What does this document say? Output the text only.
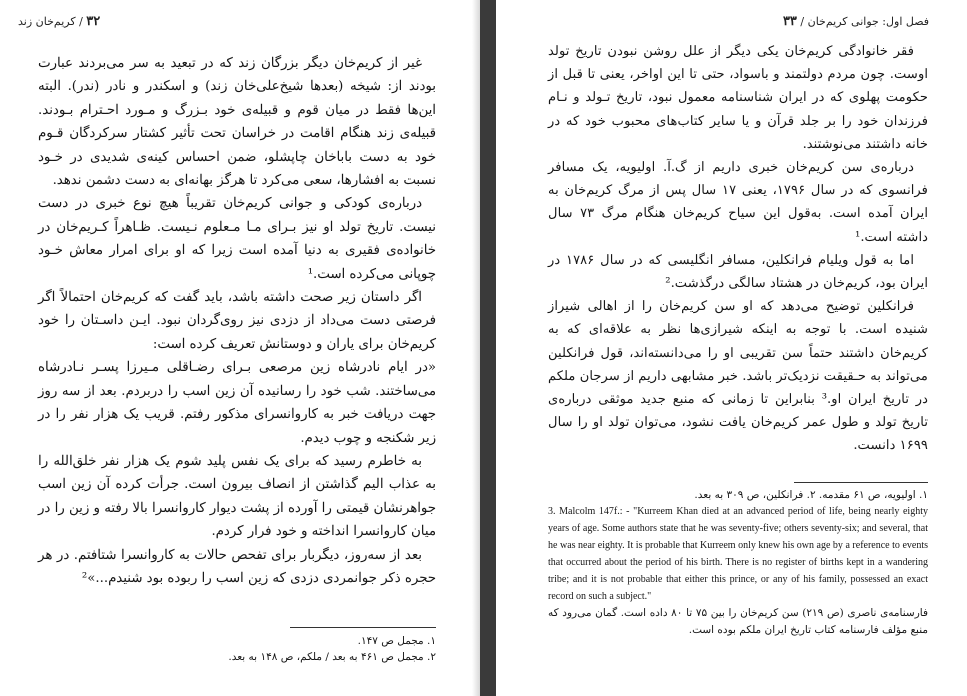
۳۲ / کریم‌خان زند

غیر از کریم‌خان دیگر بزرگان زند که در تبعید به سر می‌بردند عبارت بودند از: شیخه (بعدها شیخ‌علی‌خان زند) و اسکندر و نادر (ندر). البته این‌ها فقط در میان قوم و قبیله‌ی خود بـزرگ و مـورد احـترام بـودند. قبیله‌ی زند هنگام اقامت در خراسان تحت تأثیر کشتار سرکردگان قـوم خود به دست باباخان چاپشلو، ضمن احساس کینه‌ی شدیدی در خـود نسبت به افشارها، سعی می‌کرد تا هرگز بهانه‌ای به دست دشمن ندهد.

درباره‌ی کودکی و جوانی کریم‌خان تقریباً هیچ نوع خبری در دست نیست. تاریخ تولد او نیز بـرای مـا مـعلوم نـیست. ظـاهراً کـریم‌خان در خانواده‌ی فقیری به دنیا آمده است زیرا که او برای امرار معاش خـود چوپانی می‌کرده است.¹

اگر داستان زیر صحت داشته باشد، باید گفت که کریم‌خان احتمالاً اگر فرصتی دست می‌داد از دزدی نیز روی‌گردان نبود. ایـن داسـتان را خود کریم‌خان برای یاران و دوستانش تعریف کرده است:

«در ایام نادرشاه زین مرصعی بـرای رضـاقلی مـیرزا پسـر نـادرشاه می‌ساختند. شب خود را رسانیده آن زین اسب را دربردم. بعد از سه روز جهت دریافت خبر به کاروانسرای مذکور رفتم. قریب یک هزار نفر را در زیر شکنجه و چوب دیدم.

به خاطرم رسید که برای یک نفس پلید شوم یک هزار نفر خلق‌الله را به عذاب الیم گذاشتن از انصاف بیرون است. جرأت کرده آن زین اسب جواهرنشان قیمتی را آورده از پشت دیوار کاروانسرا بالا رفته و زین را در میان کاروانسرا انداخته و خود فرار کردم.

بعد از سه‌روز، دیگربار برای تفحص حالات به کاروانسرا شتافتم. در هر حجره ذکر جوانمردی دزدی که زین اسب را ربوده بود شنیدم...»²

۱. مجمل ص ۱۴۷.

۲. مجمل ص ۴۶۱ به بعد / ملکم، ص ۱۴۸ به بعد.

فصل اول: جوانی کریم‌خان / ۳۳

فقر خانوادگی کریم‌خان یکی دیگر از علل روشن نبودن تاریخ تولد اوست. چون مردم دولتمند و باسواد، حتی تا این اواخر، یعنی تا قبل از حکومت پهلوی که در ایران شناسنامه معمول نبود، تاریخ تـولد و نـام فرزندان خود را بر جلد قرآن و یا سایر کتاب‌های محبوب خود که در خانه داشتند می‌نوشتند.

درباره‌ی سن کریم‌خان خبری داریم از گ.آ. اولیویه، یک مسافر فرانسوی که در سال ۱۷۹۶، یعنی ۱۷ سال پس از مرگ کریم‌خان به ایران آمده است. به‌قول این سیاح کریم‌خان هنگام مرگ ۷۳ سال داشته است.¹

اما به قول ویلیام فرانکلین، مسافر انگلیسی که در سال ۱۷۸۶ در ایران بود، کریم‌خان در هشتاد سالگی درگذشت.²

فرانکلین توضیح می‌دهد که او سن کریم‌خان را از اهالی شیراز شنیده است. با توجه به اینکه شیرازی‌ها نظر به علاقه‌ای که به کریم‌خان داشتند حتماً سن تقریبی او را می‌دانسته‌اند، قول فرانکلین می‌تواند به حـقیقت نزدیک‌تر باشد. خبر مشابهی داریم از سرجان ملکم در تاریخ ایران او.³ بنابراین تا زمانی که منبع جدید موثقی درباره‌ی تاریخ تولد و طول عمر کریم‌خان یافت نشود، می‌توان تولد او را سال ۱۶۹۹ دانست.

۱. اولیویه، ص ۶۱ مقدمه. ۲. فرانکلین، ص ۳۰۹ به بعد.

3. Malcolm 147f.: - "Kurreem Khan died at an advanced period of life, being nearly eighty years of age. Some authors state that he was seventy-five; others seventy-six; and several, that he was near eighty. It is probable that Kurreem only knew his own age by a reference to events that occurred about the period of his birth. There is no register of births kept in a wandering tribe; and it is not probable that either this prince, or any of his family, possessed an exact record on such a subject."

فارسنامه‌ی ناصری (ص ۲۱۹) سن کریم‌خان را بین ۷۵ تا ۸۰ داده است. گمان می‌رود که منبع مؤلف فارسنامه کتاب تاریخ ایران ملکم بوده است.
